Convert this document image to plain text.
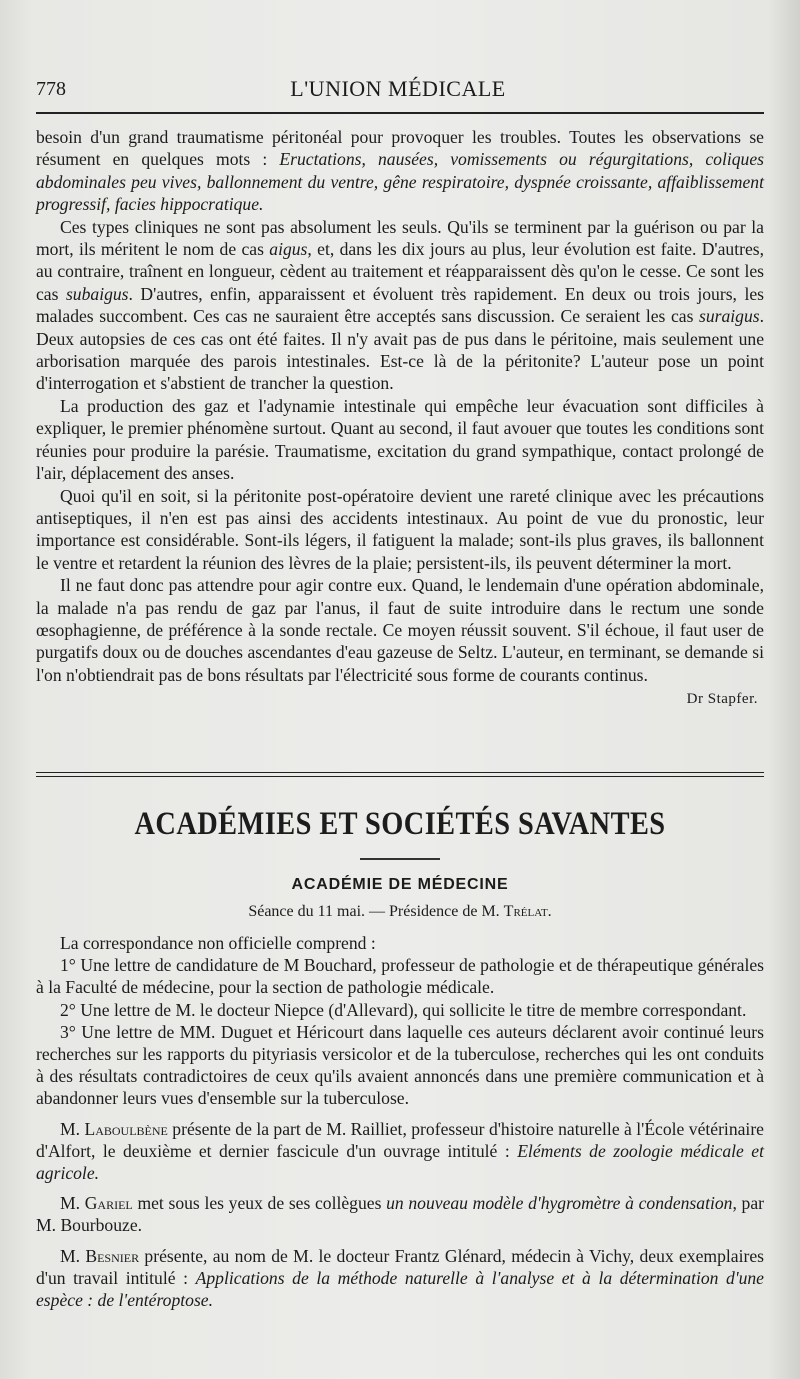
778	L'UNION MÉDICALE

besoin d'un grand traumatisme péritonéal pour provoquer les troubles. Toutes les observations se résument en quelques mots : Eructations, nausées, vomissements ou régurgitations, coliques abdominales peu vives, ballonnement du ventre, gêne respiratoire, dyspnée croissante, affaiblissement progressif, facies hippocratique.

Ces types cliniques ne sont pas absolument les seuls. Qu'ils se terminent par la guérison ou par la mort, ils méritent le nom de cas aigus, et, dans les dix jours au plus, leur évolution est faite. D'autres, au contraire, traînent en longueur, cèdent au traitement et réapparaissent dès qu'on le cesse. Ce sont les cas subaigus. D'autres, enfin, apparaissent et évoluent très rapidement. En deux ou trois jours, les malades succombent. Ces cas ne sauraient être acceptés sans discussion. Ce seraient les cas suraigus. Deux autopsies de ces cas ont été faites. Il n'y avait pas de pus dans le péritoine, mais seulement une arborisation marquée des parois intestinales. Est-ce là de la péritonite? L'auteur pose un point d'interrogation et s'abstient de trancher la question.

La production des gaz et l'adynamie intestinale qui empêche leur évacuation sont difficiles à expliquer, le premier phénomène surtout. Quant au second, il faut avouer que toutes les conditions sont réunies pour produire la parésie. Traumatisme, excitation du grand sympathique, contact prolongé de l'air, déplacement des anses.

Quoi qu'il en soit, si la péritonite post-opératoire devient une rareté clinique avec les précautions antiseptiques, il n'en est pas ainsi des accidents intestinaux. Au point de vue du pronostic, leur importance est considérable. Sont-ils légers, il fatiguent la malade; sont-ils plus graves, ils ballonnent le ventre et retardent la réunion des lèvres de la plaie; persistent-ils, ils peuvent déterminer la mort.

Il ne faut donc pas attendre pour agir contre eux. Quand, le lendemain d'une opération abdominale, la malade n'a pas rendu de gaz par l'anus, il faut de suite introduire dans le rectum une sonde œsophagienne, de préférence à la sonde rectale. Ce moyen réussit souvent. S'il échoue, il faut user de purgatifs doux ou de douches ascendantes d'eau gazeuse de Seltz. L'auteur, en terminant, se demande si l'on n'obtiendrait pas de bons résultats par l'électricité sous forme de courants continus.

Dr Stapfer.
ACADÉMIES ET SOCIÉTÉS SAVANTES
ACADÉMIE DE MÉDECINE
Séance du 11 mai. — Présidence de M. Trélat.

La correspondance non officielle comprend :

1° Une lettre de candidature de M Bouchard, professeur de pathologie et de thérapeutique générales à la Faculté de médecine, pour la section de pathologie médicale.

2° Une lettre de M. le docteur Niepce (d'Allevard), qui sollicite le titre de membre correspondant.

3° Une lettre de MM. Duguet et Héricourt dans laquelle ces auteurs déclarent avoir continué leurs recherches sur les rapports du pityriasis versicolor et de la tuberculose, recherches qui les ont conduits à des résultats contradictoires de ceux qu'ils avaient annoncés dans une première communication et à abandonner leurs vues d'ensemble sur la tuberculose.

M. Laboulbène présente de la part de M. Railliet, professeur d'histoire naturelle à l'École vétérinaire d'Alfort, le deuxième et dernier fascicule d'un ouvrage intitulé : Eléments de zoologie médicale et agricole.

M. Gariel met sous les yeux de ses collègues un nouveau modèle d'hygromètre à condensation, par M. Bourbouze.

M. Besnier présente, au nom de M. le docteur Frantz Glénard, médecin à Vichy, deux exemplaires d'un travail intitulé : Applications de la méthode naturelle à l'analyse et à la détermination d'une espèce : de l'entéroptose.
